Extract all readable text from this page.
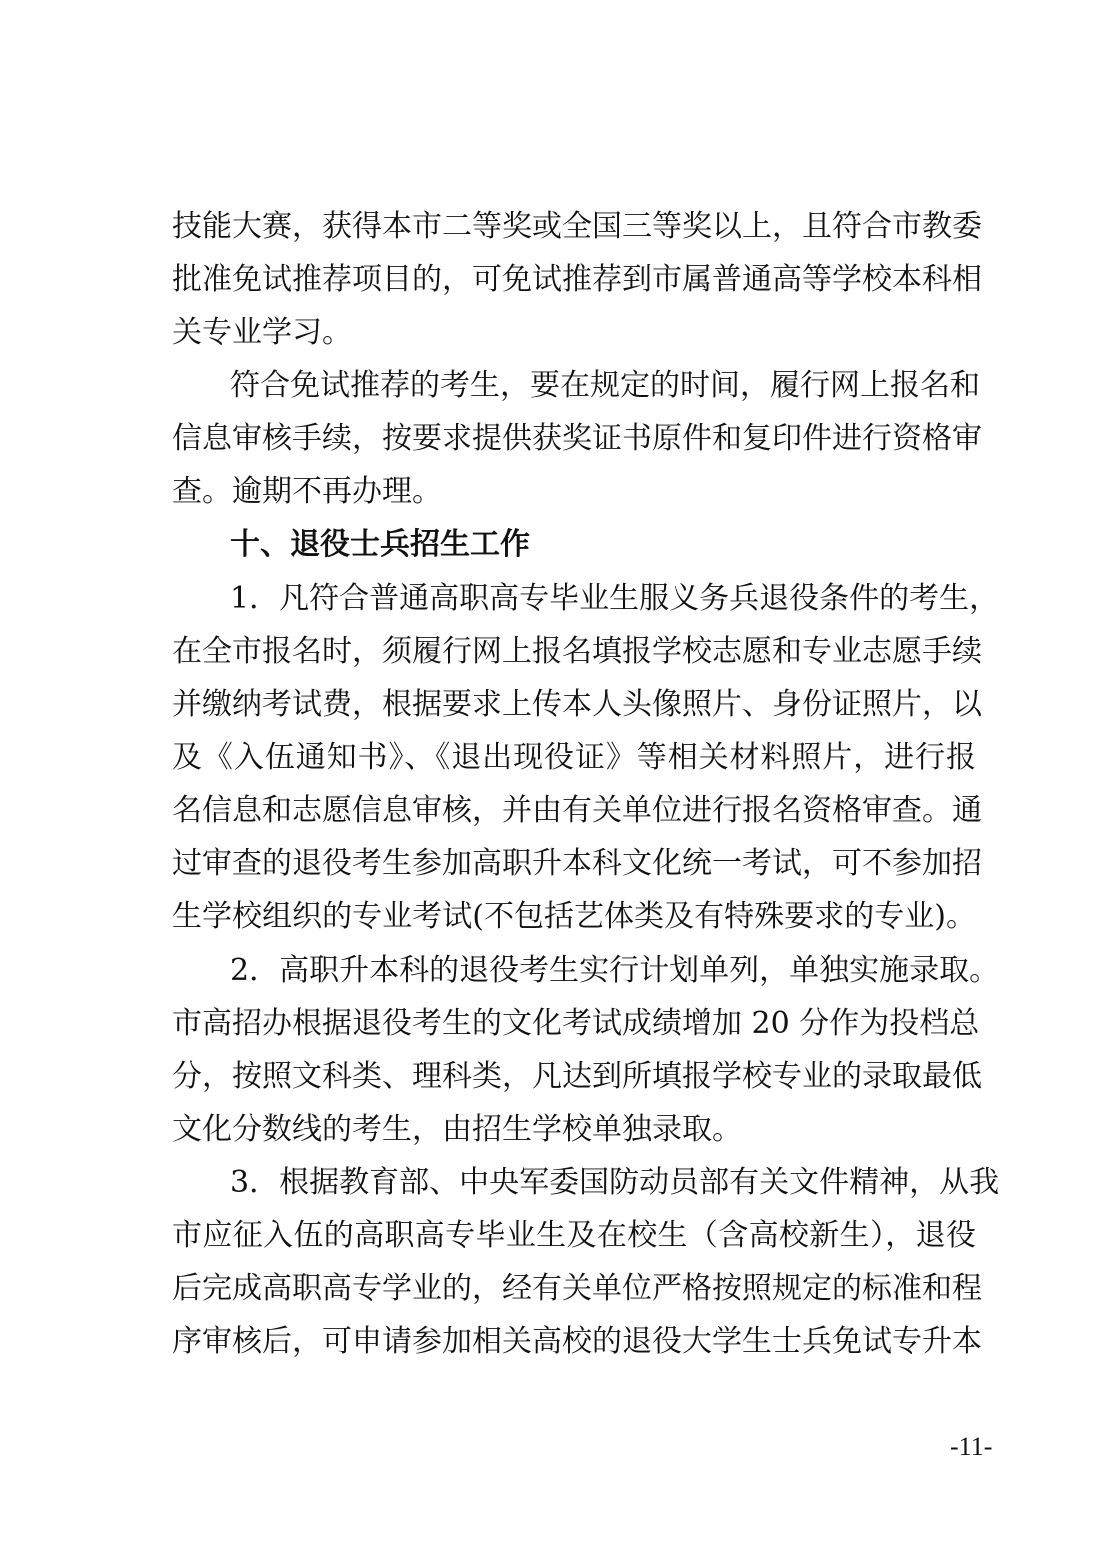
技能大赛，获得本市二等奖或全国三等奖以上，且符合市教委
批准免试推荐项目的，可免试推荐到市属普通高等学校本科相
关专业学习。
符合免试推荐的考生，要在规定的时间，履行网上报名和
信息审核手续，按要求提供获奖证书原件和复印件进行资格审
查。逾期不再办理。
十、退役士兵招生工作
1．凡符合普通高职高专毕业生服义务兵退役条件的考生，
在全市报名时，须履行网上报名填报学校志愿和专业志愿手续
并缴纳考试费，根据要求上传本人头像照片、身份证照片，以
及《入伍通知书》、《退出现役证》等相关材料照片，进行报
名信息和志愿信息审核，并由有关单位进行报名资格审查。通
过审查的退役考生参加高职升本科文化统一考试，可不参加招
生学校组织的专业考试(不包括艺体类及有特殊要求的专业)。
2．高职升本科的退役考生实行计划单列，单独实施录取。
市高招办根据退役考生的文化考试成绩增加 20 分作为投档总
分，按照文科类、理科类，凡达到所填报学校专业的录取最低
文化分数线的考生，由招生学校单独录取。
3．根据教育部、中央军委国防动员部有关文件精神，从我
市应征入伍的高职高专毕业生及在校生（含高校新生），退役
后完成高职高专学业的，经有关单位严格按照规定的标准和程
序审核后，可申请参加相关高校的退役大学生士兵免试专升本
-11-
